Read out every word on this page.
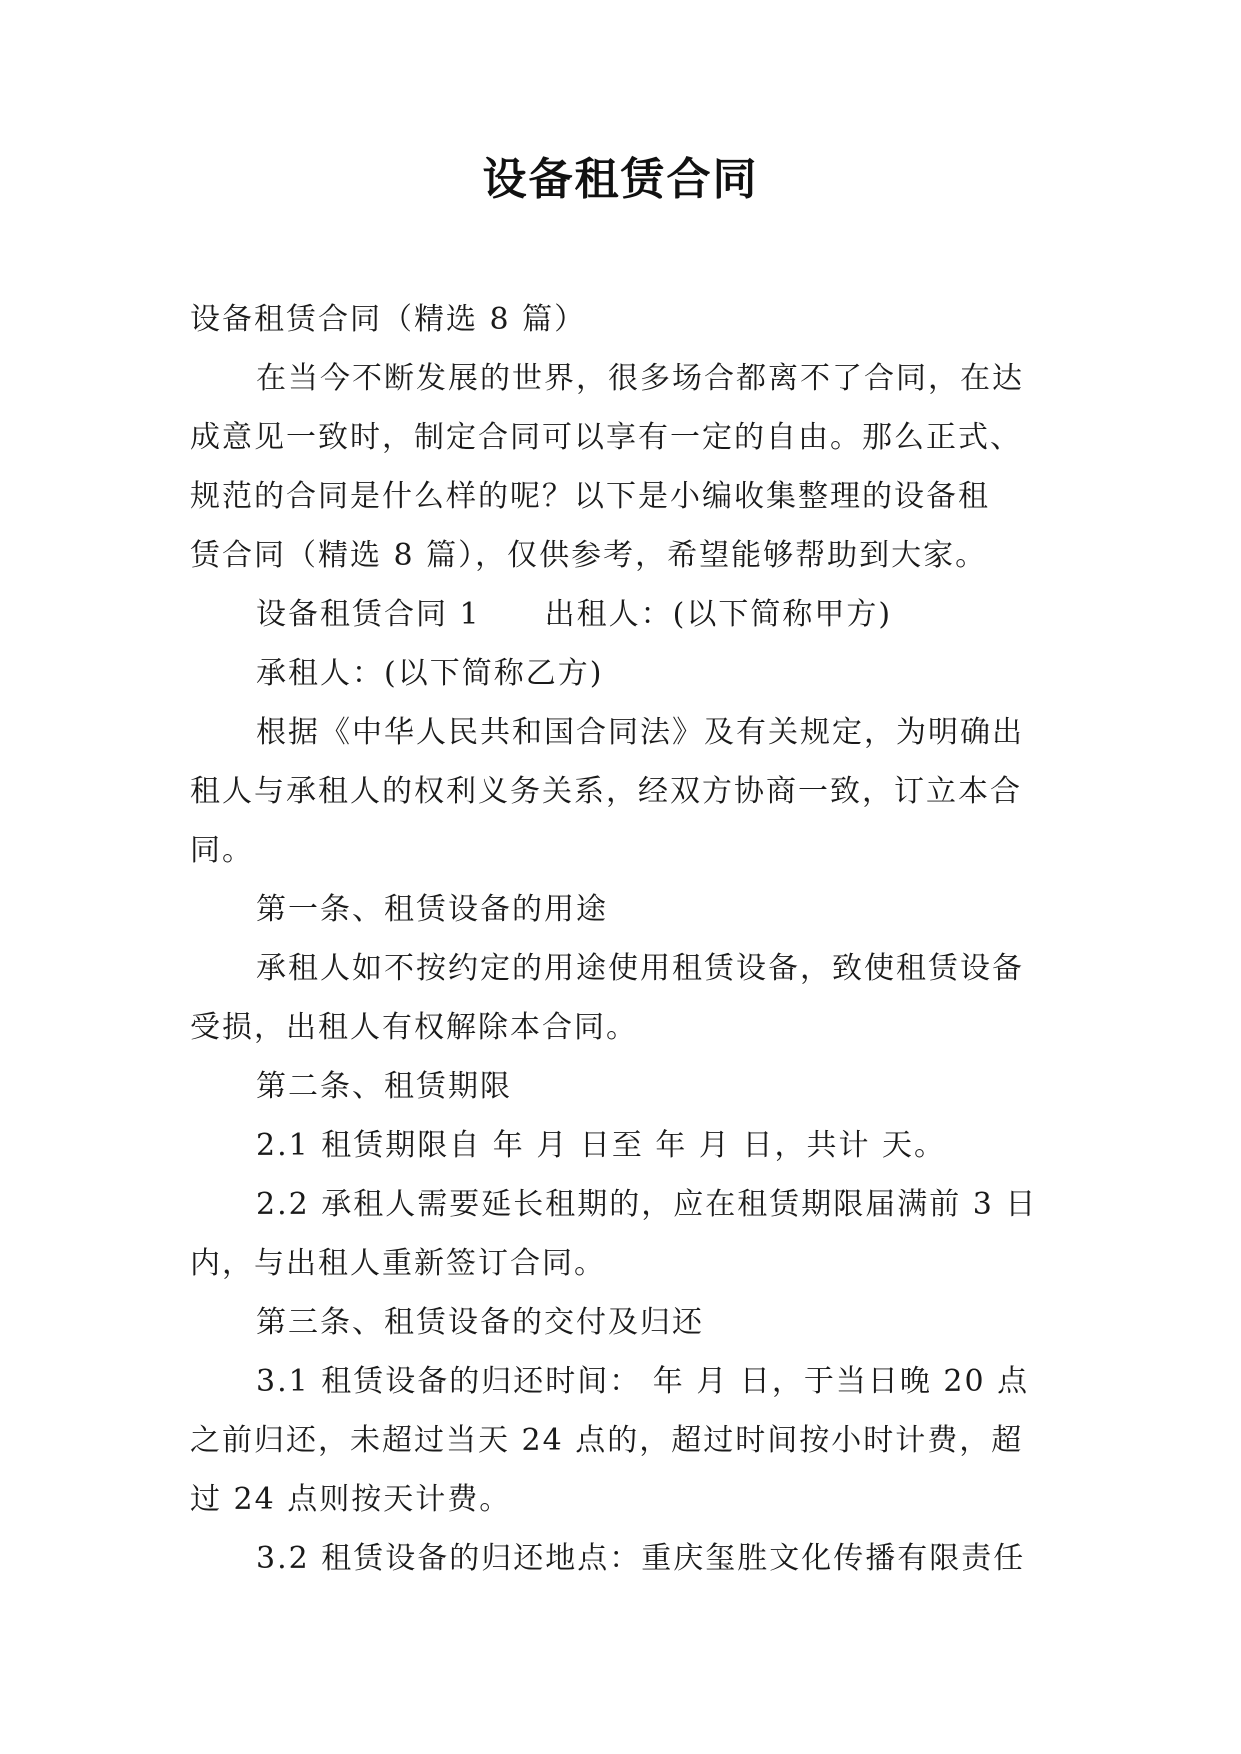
设备租赁合同
设备租赁合同（精选 8 篇）
在当今不断发展的世界，很多场合都离不了合同，在达
成意见一致时，制定合同可以享有一定的自由。那么正式、
规范的合同是什么样的呢？以下是小编收集整理的设备租
赁合同（精选 8 篇），仅供参考，希望能够帮助到大家。
设备租赁合同 1　　出租人：(以下简称甲方)
承租人：(以下简称乙方)
根据《中华人民共和国合同法》及有关规定，为明确出
租人与承租人的权利义务关系，经双方协商一致，订立本合
同。
第一条、租赁设备的用途
承租人如不按约定的用途使用租赁设备，致使租赁设备
受损，出租人有权解除本合同。
第二条、租赁期限
2.1 租赁期限自 年 月 日至 年 月 日，共计 天。
2.2 承租人需要延长租期的，应在租赁期限届满前 3 日
内，与出租人重新签订合同。
第三条、租赁设备的交付及归还
3.1 租赁设备的归还时间： 年 月 日，于当日晚 20 点
之前归还，未超过当天 24 点的，超过时间按小时计费，超
过 24 点则按天计费。
3.2 租赁设备的归还地点：重庆玺胜文化传播有限责任
